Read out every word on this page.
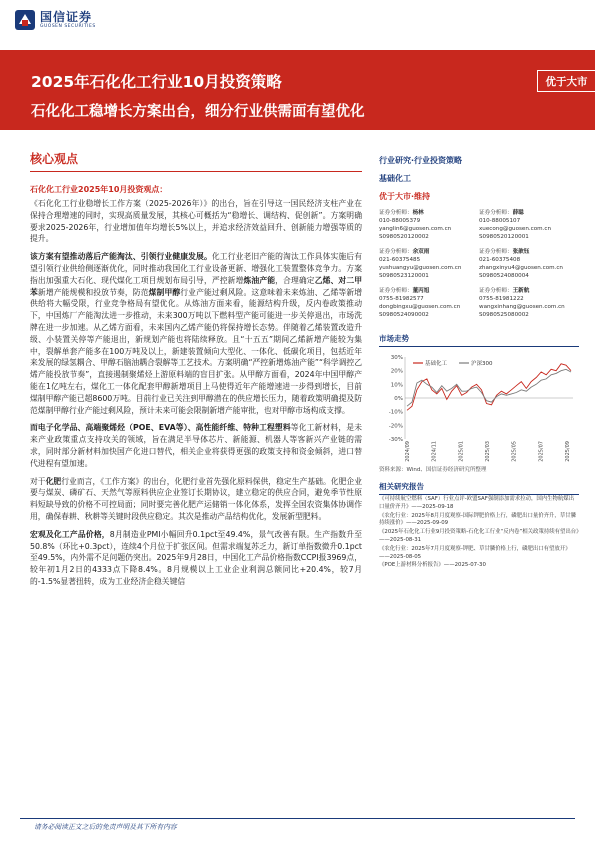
国信证券
GUOSEN SECURITIES
2025年石化化工行业10月投资策略
石化化工稳增长方案出台，细分行业供需面有望优化
优于大市
核心观点
石化化工行业2025年10月投资观点：
《石化化工行业稳增长工作方案（2025-2026年）》的出台，旨在引导这一国民经济支柱产业在保持合理增速的同时，实现高质量发展，其核心可概括为“稳增长、调结构、促创新”。方案明确要求2025-2026年，行业增加值年均增长5%以上，并追求经济效益回升、创新能力增强等质的提升。
该方案有望推动落后产能淘汰、引领行业健康发展。化工行业老旧产能的淘汰工作具体实施后有望引领行业供给侧逐渐优化，同时推动我国化工行业设备更新、增强化工装置整体竞争力。方案指出加强重大石化、现代煤化工项目规划布局引导，严控新增炼油产能，合理确定乙烯、对二甲苯新增产能规模和投放节奏，防范煤制甲醇行业产能过剩风险。这意味着未来炼油、乙烯等新增供给将大幅受限，行业竞争格局有望优化。从炼油方面来看，能源结构升级，反内卷政策推动下，中国炼厂产能淘汰进一步推动，未来300万吨以下燃料型产能可能进一步关停退出，市场洗牌在进一步加速。从乙烯方面看，未来国内乙烯产能仍将保持增长态势。伴随着乙烯装置改造升级、小装置关停等产能退出，新规划产能也将陆续释放。且“十五五”期间乙烯新增产能较为集中，裂解单套产能多在100万吨及以上，新建装置倾向大型化、一体化、低碳化项目，包括近年来发展的绿氢耦合、甲醇石脑油耦合裂解等工艺技术。方案明确“严控新增炼油产能”“科学调控乙烯产能投放节奏”，直接遏制聚烯烃上游原料端的盲目扩张。从甲醇方面看，2024年中国甲醇产能在1亿吨左右，煤化工一体化配套甲醇新增项目上马使得近年产能增速进一步得到增长，目前煤制甲醇产能已超8600万吨。目前行业已关注到甲醇潜在的供应增长压力，随着政策明确提及防范煤制甲醇行业产能过剩风险，预计未来可能会限制新增产能审批，也对甲醇市场构成支撑。
而电子化学品、高端聚烯烃（POE、EVA等）、高性能纤维、特种工程塑料等化工新材料，是未来产业政策重点支持攻关的领域，旨在满足半导体芯片、新能源、机器人等客新兴产业链的需求，同时部分新材料加快国产化进口替代，相关企业将获得更强的政策支持和资金倾斜，进口替代进程有望加速。
对于化肥行业而言，《工作方案》的出台，化肥行业首先强化原料保供，稳定生产基础。化肥企业要与煤炭、磷矿石、天然气等原料供应企业签订长期协议，建立稳定的供应合同，避免季节性原料短缺导致的价格不可控局面；同时要完善化肥产运储销一体化体系，发挥全国农资集体协调作用，确保春耕、秋耕等关键时段供应稳定。其次是推动产品结构优化，发展新型肥料。
宏观及化工产品价格，8月制造业PMI小幅回升0.1pct至49.4%，景气改善有限。生产指数升至50.8%（环比+0.3pct），连续4个月位于扩张区间。但需求端复苏乏力，新订单指数微升0.1pct至49.5%，内外需不足问题仍突出。2025年9月28日，中国化工产品价格指数CCPI报3969点，较年初1月2日的4333点下降8.4%。8月规模以上工业企业利润总额同比+20.4%，较7月的-1.5%显著扭转，成为工业经济企稳关键信
行业研究·行业投资策略
基础化工
优于大市·维持
证券分析师：杨林
010-88005379
yanglin6@guosen.com.cn
S0980520120002
证券分析师：薛聪
010-88005107
xuecong@guosen.com.cn
S0980520120001
证券分析师：余双雨
021-60375485
yushuangyu@guosen.com.cn
S0980523120001
证券分析师：张歆钰
021-60375408
zhangxinyu4@guosen.com.cn
S0980524080004
证券分析师：董丙旭
0755-81982577
dongbingxu@guosen.com.cn
S0980524090002
证券分析师：王新航
0755-81981222
wangxinhang@guosen.com.cn
S0980525080002
市场走势
30%
20%
10%
0%
-10%
-20%
-30%
2024/09	2024/11	2025/01	2025/03	2025/05	2025/07	2025/09
基础化工	沪深300
资料来源：Wind、国信证券经济研究所整理
相关研究报告
《可持续航空燃料（SAF）行业点评-欧盟SAF强制添加需求拉动，国内生物航煤出口量价齐升》——2025-09-18
《农化行业：2025年8月月度观察-国际钾肥价格上行，磷肥出口量价齐升，草甘膦持续涨价》——2025-09-09
《2025年石化化工行业9月投资策略-石化化工行业“反内卷”相关政策持续有望出台》——2025-08-31
《农化行业：2025年7月月度观察-钾肥、草甘膦价格上行，磷肥出口有望放开》——2025-08-05
《POE上游材料分析报告》——2025-07-30
请务必阅读正文之后的免责声明及其下所有内容
